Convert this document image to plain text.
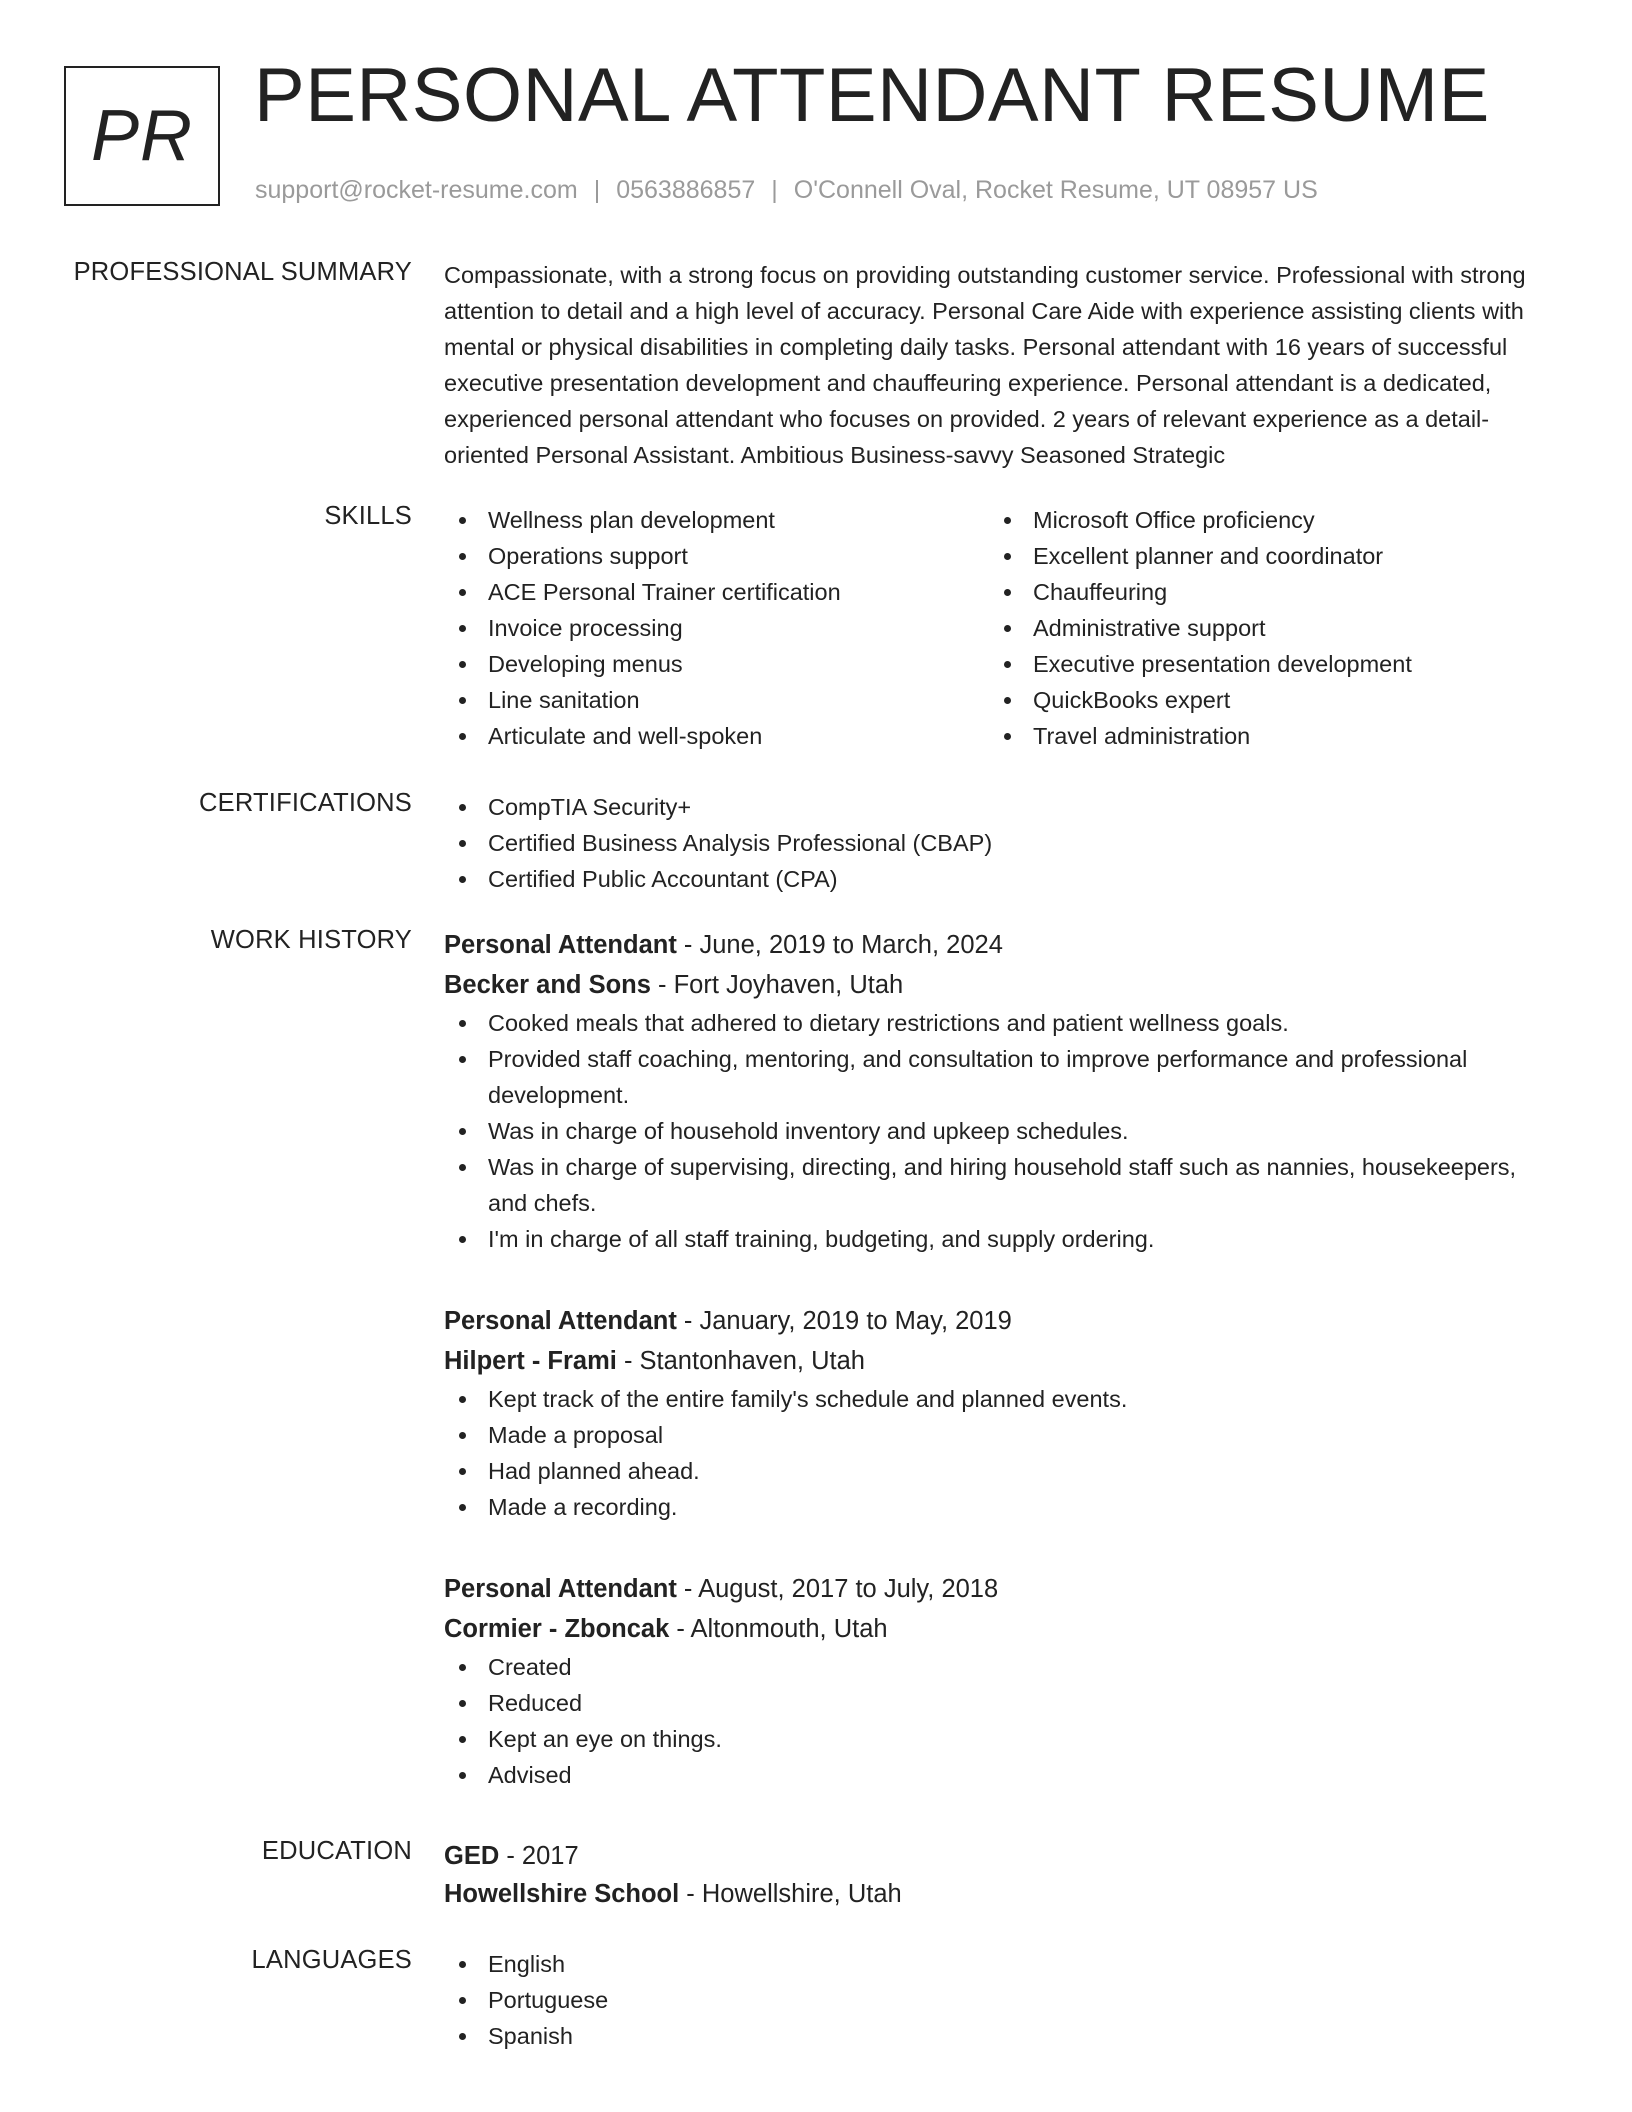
PR PERSONAL ATTENDANT RESUME
support@rocket-resume.com | 0563886857 | O'Connell Oval, Rocket Resume, UT 08957 US
PROFESSIONAL SUMMARY Compassionate, with a strong focus on providing outstanding customer service. Professional with strong attention to detail and a high level of accuracy. Personal Care Aide with experience assisting clients with mental or physical disabilities in completing daily tasks. Personal attendant with 16 years of successful executive presentation development and chauffeuring experience. Personal attendant is a dedicated, experienced personal attendant who focuses on provided. 2 years of relevant experience as a detail-oriented Personal Assistant. Ambitious Business-savvy Seasoned Strategic

SKILLS	Wellness plan development
Operations support
ACE Personal Trainer certification
Invoice processing
Developing menus
Line sanitation
Articulate and well-spoken
Microsoft Office proficiency
Excellent planner and coordinator
Chauffeuring
Administrative support
Executive presentation development
QuickBooks expert
Travel administration
CERTIFICATIONS	CompTIA Security+
Certified Business Analysis Professional (CBAP)
Certified Public Accountant (CPA)
WORK HISTORY Personal Attendant - June, 2019 to March, 2024
Becker and Sons - Fort Joyhaven, Utah
Cooked meals that adhered to dietary restrictions and patient wellness goals.
Provided staff coaching, mentoring, and consultation to improve performance and professional development.
Was in charge of household inventory and upkeep schedules.
Was in charge of supervising, directing, and hiring household staff such as nannies, housekeepers, and chefs.
I'm in charge of all staff training, budgeting, and supply ordering.
Personal Attendant - January, 2019 to May, 2019
Hilpert - Frami - Stantonhaven, Utah
Kept track of the entire family's schedule and planned events.
Made a proposal
Had planned ahead.
Made a recording.
Personal Attendant - August, 2017 to July, 2018
Cormier - Zboncak - Altonmouth, Utah
Created
Reduced
Kept an eye on things.
Advised
EDUCATION GED - 2017
Howellshire School - Howellshire, Utah
LANGUAGES	English
Portuguese
Spanish
